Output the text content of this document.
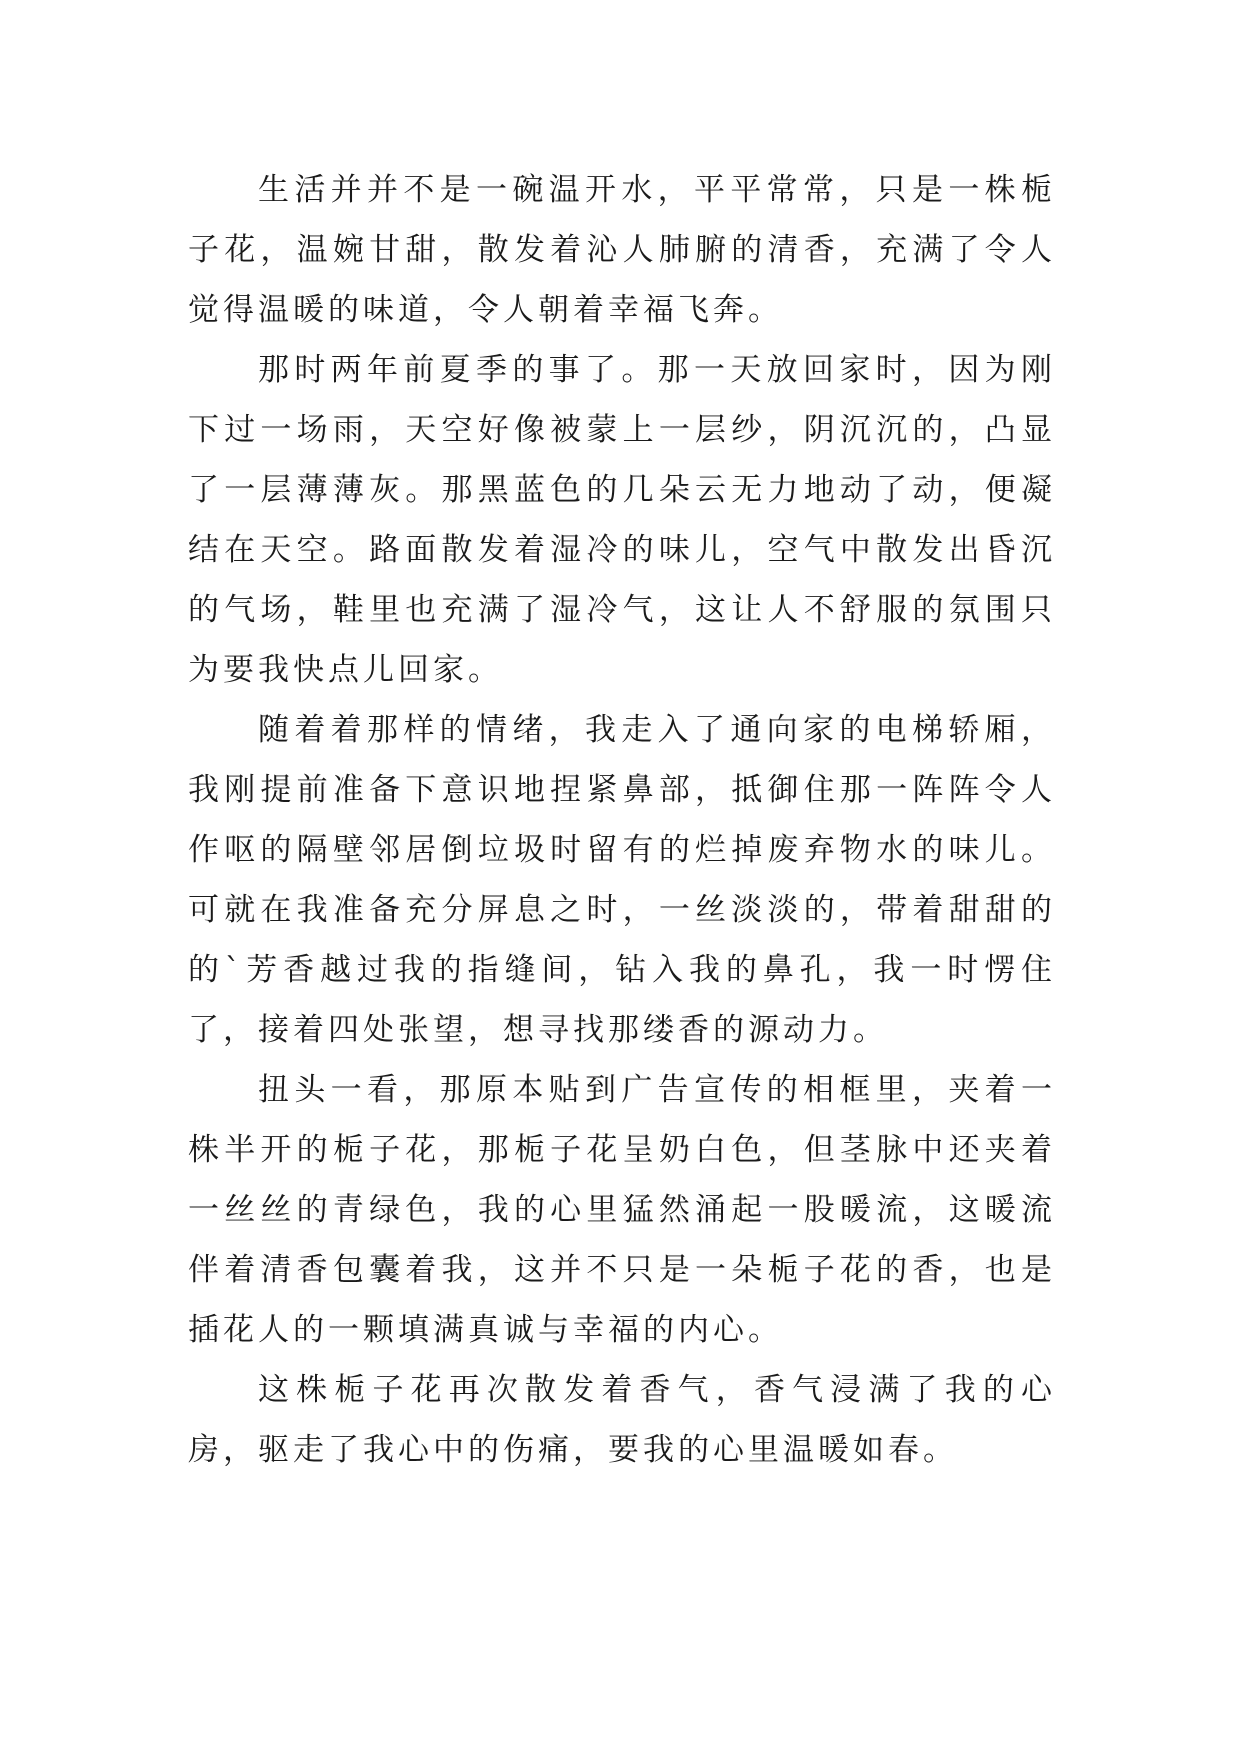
生活并并不是一碗温开水，平平常常，只是一株栀子花，温婉甘甜，散发着沁人肺腑的清香，充满了令人觉得温暖的味道，令人朝着幸福飞奔。

那时两年前夏季的事了。那一天放回家时，因为刚下过一场雨，天空好像被蒙上一层纱，阴沉沉的，凸显了一层薄薄灰。那黑蓝色的几朵云无力地动了动，便凝结在天空。路面散发着湿冷的味儿，空气中散发出昏沉的气场，鞋里也充满了湿冷气，这让人不舒服的氛围只为要我快点儿回家。

随着着那样的情绪，我走入了通向家的电梯轿厢，我刚提前准备下意识地捏紧鼻部，抵御住那一阵阵令人作呕的隔壁邻居倒垃圾时留有的烂掉废弃物水的味儿。可就在我准备充分屏息之时，一丝淡淡的，带着甜甜的的`芳香越过我的指缝间，钻入我的鼻孔，我一时愣住了，接着四处张望，想寻找那缕香的源动力。

扭头一看，那原本贴到广告宣传的相框里，夹着一株半开的栀子花，那栀子花呈奶白色，但茎脉中还夹着一丝丝的青绿色，我的心里猛然涌起一股暖流，这暖流伴着清香包囊着我，这并不只是一朵栀子花的香，也是插花人的一颗填满真诚与幸福的内心。

这株栀子花再次散发着香气，香气浸满了我的心房，驱走了我心中的伤痛，要我的心里温暖如春。
